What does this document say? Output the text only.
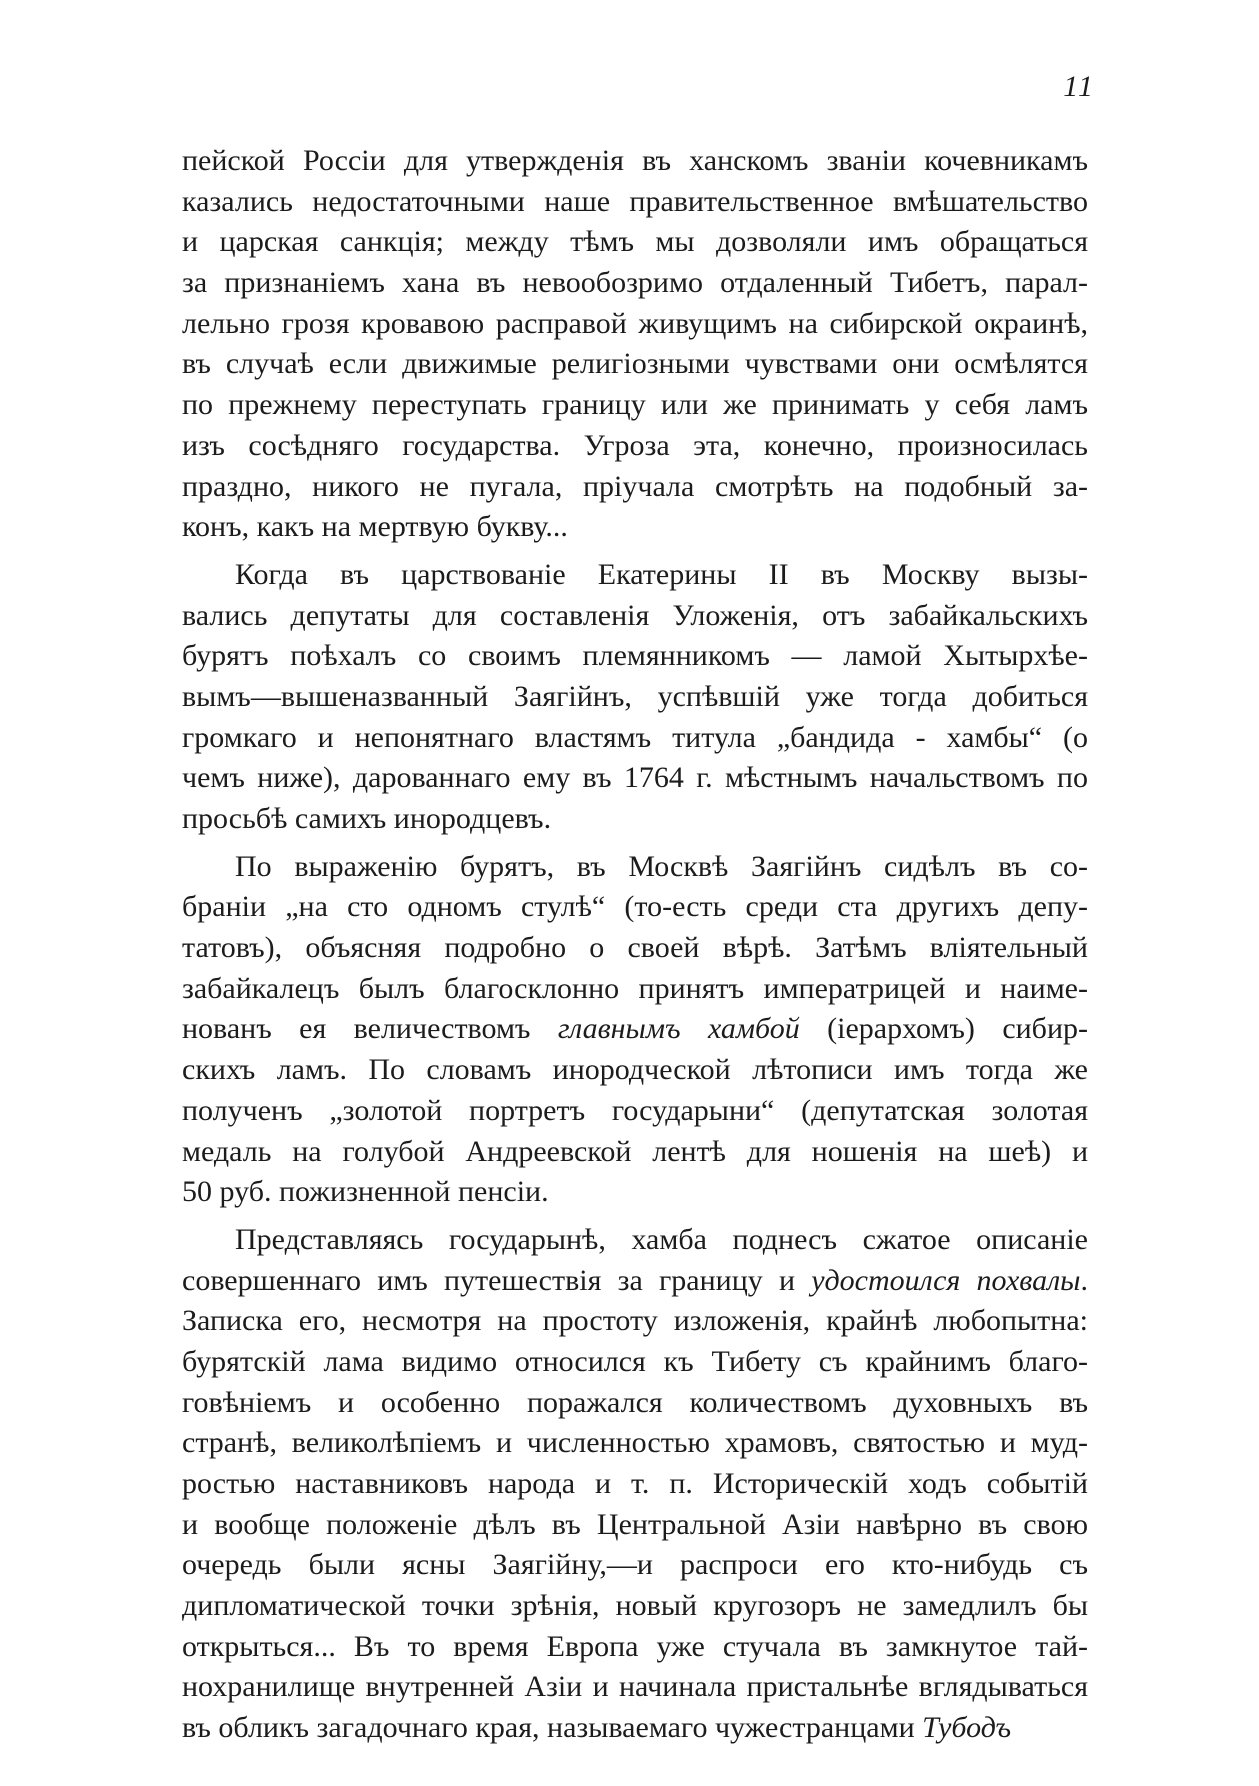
11
пейской Россіи для утвержденія въ ханскомъ званіи кочевникамъ
казались недостаточными наше правительственное вмѣшательство
и царская санкція; между тѣмъ мы дозволяли имъ обращаться
за признаніемъ хана въ невообозримо отдаленный Тибетъ, парал-
лельно грозя кровавою расправой живущимъ на сибирской окраинѣ,
въ случаѣ если движимые религіозными чувствами они осмѣлятся
по прежнему переступать границу или же принимать у себя ламъ
изъ сосѣдняго государства. Угроза эта, конечно, произносилась
праздно, никого не пугала, пріучала смотрѣть на подобный за-
конъ, какъ на мертвую букву...
Когда въ царствованіе Екатерины II въ Москву вызы-
вались депутаты для составленія Уложенія, отъ забайкальскихъ
бурятъ поѣхалъ со своимъ племянникомъ — ламой Хытырхѣе-
вымъ—вышеназванный Заягійнъ, успѣвшій уже тогда добиться
громкаго и непонятнаго властямъ титула „бандида - хамбы“ (о
чемъ ниже), дарованнаго ему въ 1764 г. мѣстнымъ начальствомъ по
просьбѣ самихъ инородцевъ.
По выраженію бурятъ, въ Москвѣ Заягійнъ сидѣлъ въ со-
браніи „на сто одномъ стулѣ“ (то-есть среди ста другихъ депу-
татовъ), объясняя подробно о своей вѣрѣ. Затѣмъ вліятельный
забайкалецъ былъ благосклонно принятъ императрицей и наиме-
нованъ ея величествомъ главнымъ хамбой (іерархомъ) сибир-
скихъ ламъ. По словамъ инородческой лѣтописи имъ тогда же
полученъ „золотой портретъ государыни“ (депутатская золотая
медаль на голубой Андреевской лентѣ для ношенія на шеѣ) и
50 руб. пожизненной пенсіи.
Представляясь государынѣ, хамба поднесъ сжатое описаніе
совершеннаго имъ путешествія за границу и удостоился похвалы.
Записка его, несмотря на простоту изложенія, крайнѣ любопытна:
бурятскій лама видимо относился къ Тибету съ крайнимъ благо-
говѣніемъ и особенно поражался количествомъ духовныхъ въ
странѣ, великолѣпіемъ и численностью храмовъ, святостью и муд-
ростью наставниковъ народа и т. п. Историческій ходъ событій
и вообще положеніе дѣлъ въ Центральной Азіи навѣрно въ свою
очередь были ясны Заягійну,—и распроси его кто-нибудь съ
дипломатической точки зрѣнія, новый кругозоръ не замедлилъ бы
открыться... Въ то время Европа уже стучала въ замкнутое тай-
нохранилище внутренней Азіи и начинала пристальнѣе вглядываться
въ обликъ загадочнаго края, называемаго чужестранцами Тубодъ
